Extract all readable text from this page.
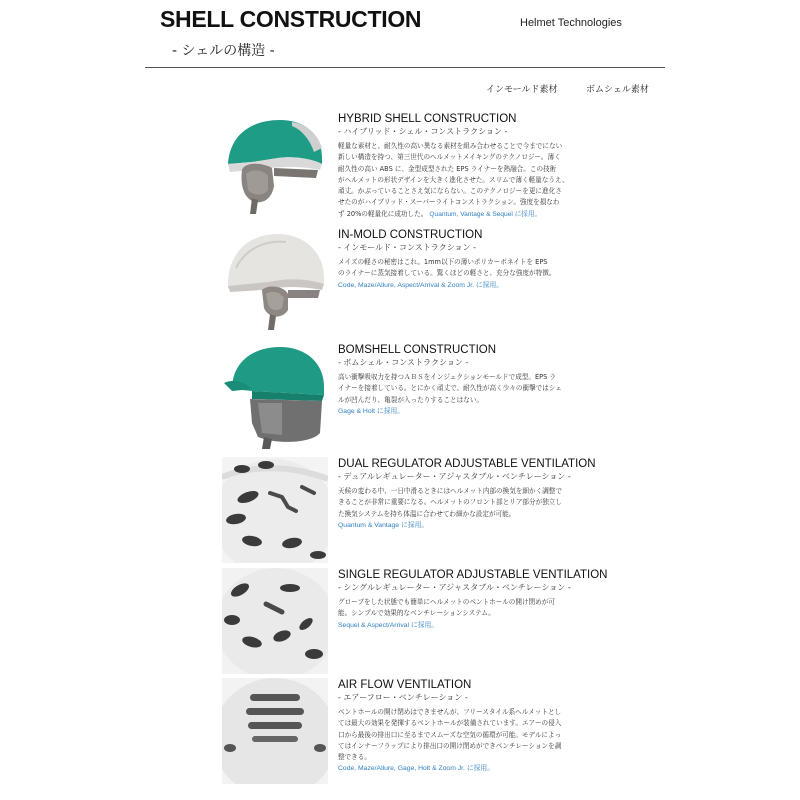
SHELL CONSTRUCTION
- シェルの構造 -
Helmet Technologies
インモールド素材	ボムシェル素材
HYBRID SHELL CONSTRUCTION
- ハイブリッド・シェル・コンストラクション -
軽量な素材と、耐久性の高い異なる素材を組み合わせることで今までにない
新しい構造を持つ、第三世代のヘルメットメイキングのテクノロジー。薄く
耐久性の高い ABS に、金型成型された EPS ライナーを熱融合。この技術
がヘルメットの形状デザインを大きく進化させた。スリムで薄く軽量なうえ、
頑丈。かぶっていることさえ気にならない。このテクノロジーを更に進化さ
せたのがハイブリッド・スーパーライトコンストラクション。強度を損なわ
ず 20%の軽量化に成功した。 Quantum, Vantage & Sequel に採用。
IN-MOLD CONSTRUCTION
- インモールド・コンストラクション -
メイズの軽さの秘密はこれ。1mm以下の薄いポリカーボネイトを EPS
のライナーに蒸気接着している。驚くほどの軽さと、充分な強度が特徴。
Code, Maze/Allure, Aspect/Arrival & Zoom Jr. に採用。
BOMSHELL CONSTRUCTION
- ボムシェル・コンストラクション -
高い衝撃吸収力を持つＡＢＳをインジェクションモールドで成型。EPS ラ
イナーを接着している。とにかく頑丈で、耐久性が高く少々の衝撃ではシェ
ルが凹んだり、亀裂が入ったりすることはない。
Gage & Holt に採用。
DUAL REGULATOR ADJUSTABLE VENTILATION
- デュアルレギュレーター・アジャスタブル・ベンチレーション -
天候の変わる中、一日中滑るときにはヘルメット内部の換気を細かく調整で
きることが非常に重要になる。ヘルメットのフロント部とリア部分が独立し
た換気システムを持ち体温に合わせてわ細かな設定が可能。
Quantum & Vantage に採用。
SINGLE REGULATOR ADJUSTABLE VENTILATION
- シングルレギュレーター・アジャスタブル・ベンチレーション -
グローブをした状態でも簡単にヘルメットのベントホールの開け閉めが可
能。シンプルで効果的なベンチレーションシステム。
Sequel & Aspect/Arrival に採用。
AIR FLOW VENTILATION
- エアーフロー・ベンチレーション -
ベントホールの開け閉めはできませんが、フリースタイル系ヘルメットとし
ては最大の効果を発揮するベントホールが装備されています。エアーの侵入
口から最後の排出口に至るまでスムーズな空気の循環が可能。モデルによっ
てはインナーフラップにより排出口の開け閉めができベンチレーションを調
整できる。
Code, Maze/Allure, Gage, Holt & Zoom Jr. に採用。
